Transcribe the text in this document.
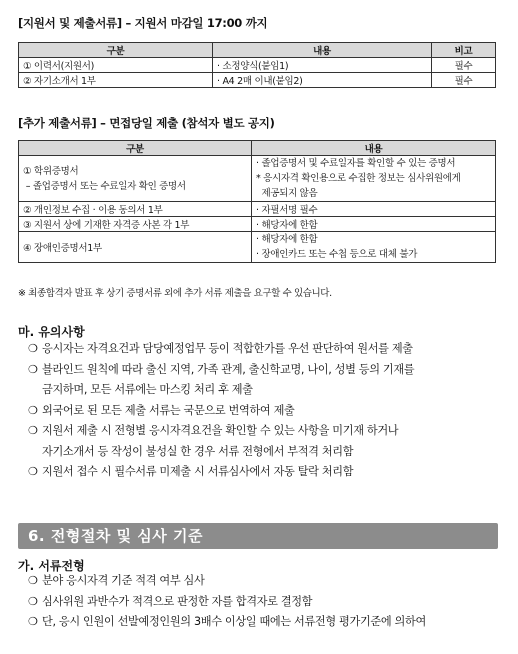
[지원서 및 제출서류] – 지원서 마감일 17:00 까지
구분	내용	비고
① 이력서(지원서)	· 소정양식(붙임1)	필수
② 자기소개서 1부	· A4 2매 이내(붙임2)	필수
[추가 제출서류] – 면접당일 제출 (참석자 별도 공지)
구분	내용

① 학위증명서
– 졸업증명서 또는 수료일자 확인 증명서	· 졸업증명서 및 수료일자를 확인할 수 있는 증명서
* 응시자격 확인용으로 수집한 정보는 심사위원에게
제공되지 않음

② 개인정보 수집 · 이용 동의서 1부	· 자필서명 필수
③ 지원서 상에 기재한 자격증 사본 각 1부	· 해당자에 한함
④ 장애인증명서1부	· 해당자에 한함
· 장애인카드 또는 수첩 등으로 대체 불가
※ 최종합격자 발표 후 상기 증명서류 외에 추가 서류 제출을 요구할 수 있습니다.
마. 유의사항
❍ 응시자는 자격요건과 담당예정업무 등이 적합한가를 우선 판단하여 원서를 제출
❍ 블라인드 원칙에 따라 출신 지역, 가족 관계, 출신학교명, 나이, 성별 등의 기재를
금지하며, 모든 서류에는 마스킹 처리 후 제출
❍ 외국어로 된 모든 제출 서류는 국문으로 번역하여 제출
❍ 지원서 제출 시 전형별 응시자격요건을 확인할 수 있는 사항을 미기재 하거나
자기소개서 등 작성이 불성실 한 경우 서류 전형에서 부적격 처리함
❍ 지원서 접수 시 필수서류 미제출 시 서류심사에서 자동 탈락 처리함
6. 전형절차 및 심사 기준
가. 서류전형
❍ 분야 응시자격 기준 적격 여부 심사
❍ 심사위원 과반수가 적격으로 판정한 자를 합격자로 결정함
❍ 단, 응시 인원이 선발예정인원의 3배수 이상일 때에는 서류전형 평가기준에 의하여
